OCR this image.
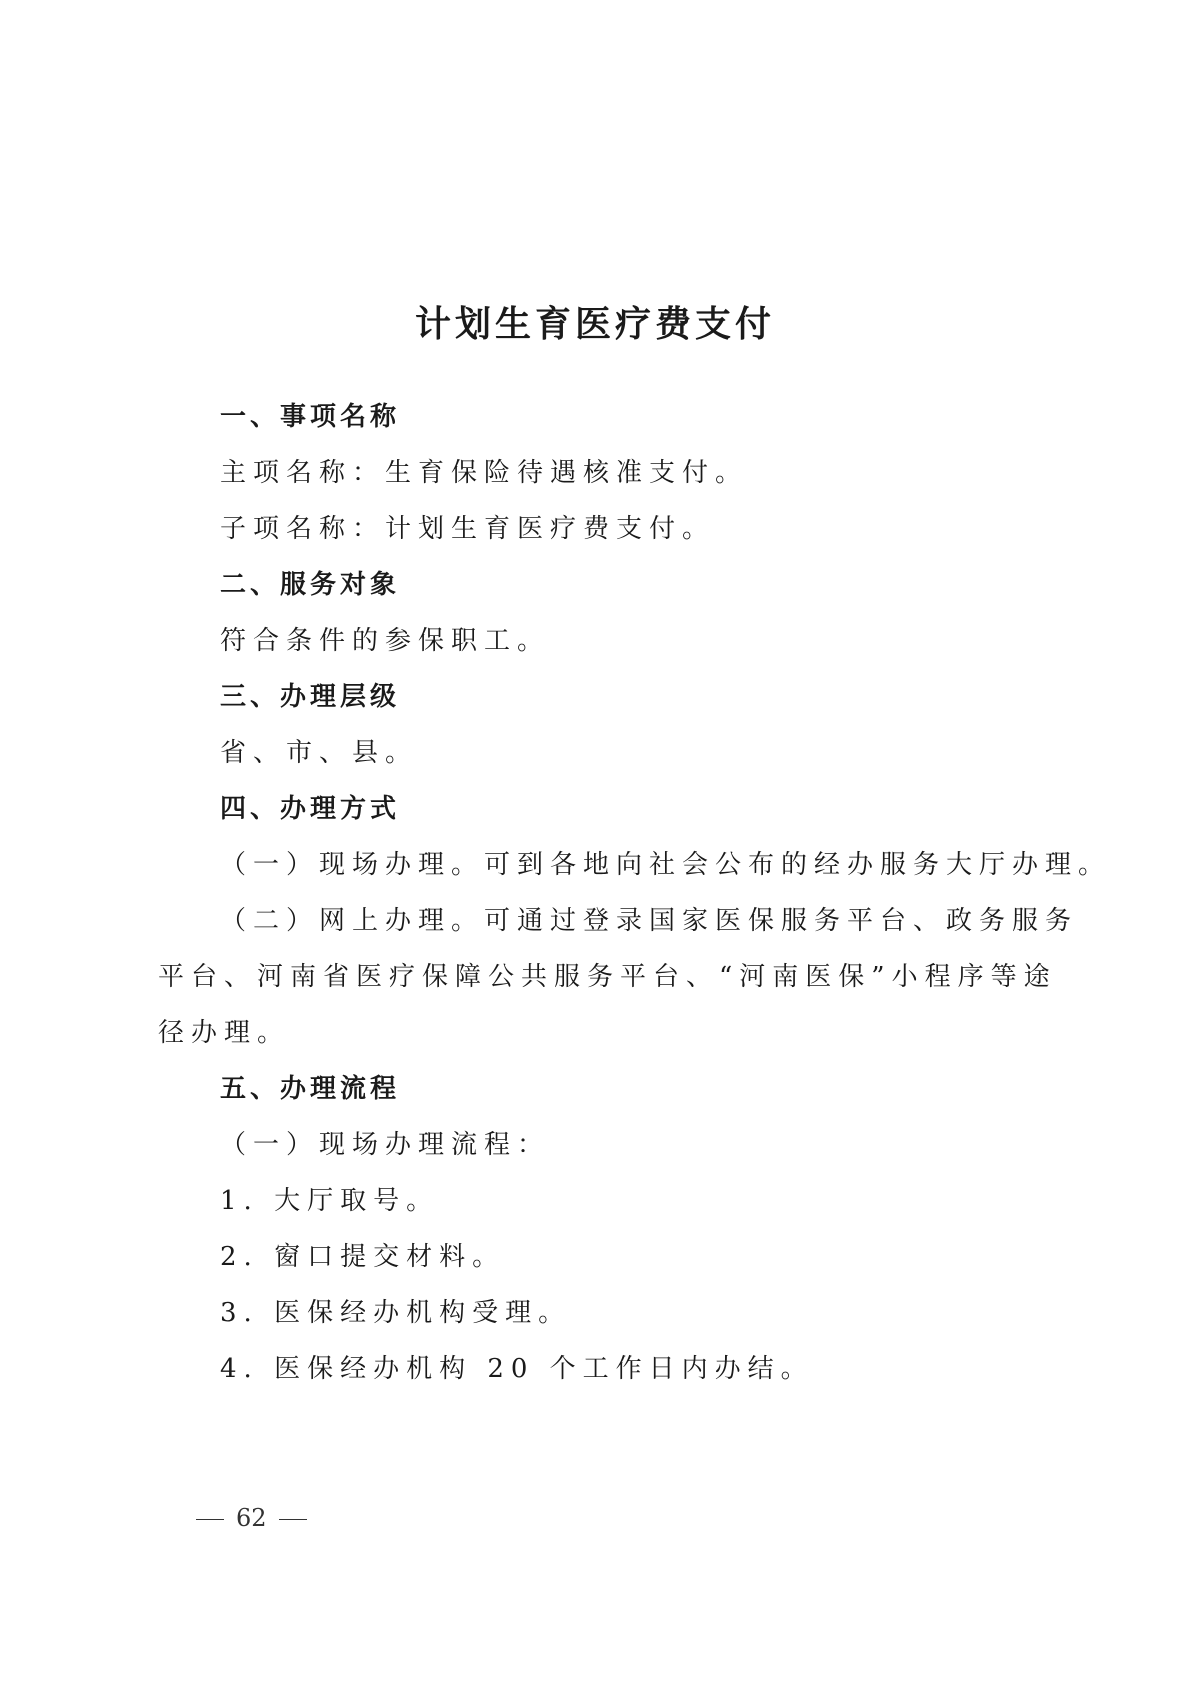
计划生育医疗费支付
一、事项名称
主项名称：生育保险待遇核准支付。
子项名称：计划生育医疗费支付。
二、服务对象
符合条件的参保职工。
三、办理层级
省、市、县。
四、办理方式
（一）现场办理。可到各地向社会公布的经办服务大厅办理。
（二）网上办理。可通过登录国家医保服务平台、政务服务
平台、河南省医疗保障公共服务平台、“河南医保”小程序等途
径办理。
五、办理流程
（一）现场办理流程：
1. 大厅取号。
2. 窗口提交材料。
3. 医保经办机构受理。
4. 医保经办机构 20 个工作日内办结。
62
